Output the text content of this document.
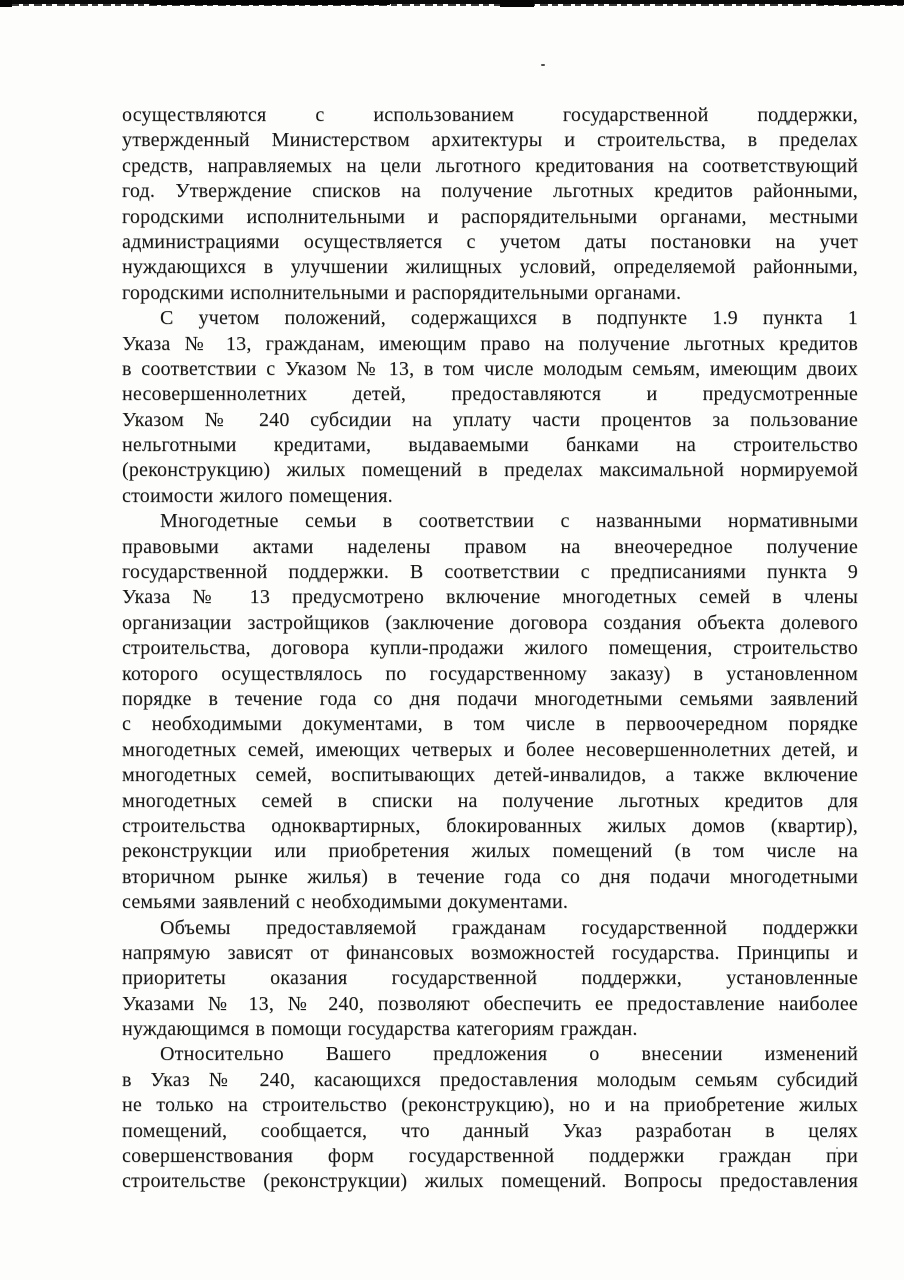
осуществляются с использованием государственной поддержки,
утвержденный Министерством архитектуры и строительства, в пределах
средств, направляемых на цели льготного кредитования на соответствующий
год. Утверждение списков на получение льготных кредитов районными,
городскими исполнительными и распорядительными органами, местными
администрациями осуществляется с учетом даты постановки на учет
нуждающихся в улучшении жилищных условий, определяемой районными,
городскими исполнительными и распорядительными органами.
С учетом положений, содержащихся в подпункте 1.9 пункта 1
Указа № 13, гражданам, имеющим право на получение льготных кредитов
в соответствии с Указом № 13, в том числе молодым семьям, имеющим двоих
несовершеннолетних детей, предоставляются и предусмотренные
Указом № 240 субсидии на уплату части процентов за пользование
нельготными кредитами, выдаваемыми банками на строительство
(реконструкцию) жилых помещений в пределах максимальной нормируемой
стоимости жилого помещения.
Многодетные семьи в соответствии с названными нормативными
правовыми актами наделены правом на внеочередное получение
государственной поддержки. В соответствии с предписаниями пункта 9
Указа № 13 предусмотрено включение многодетных семей в члены
организации застройщиков (заключение договора создания объекта долевого
строительства, договора купли-продажи жилого помещения, строительство
которого осуществлялось по государственному заказу) в установленном
порядке в течение года со дня подачи многодетными семьями заявлений
с необходимыми документами, в том числе в первоочередном порядке
многодетных семей, имеющих четверых и более несовершеннолетних детей, и
многодетных семей, воспитывающих детей-инвалидов, а также включение
многодетных семей в списки на получение льготных кредитов для
строительства одноквартирных, блокированных жилых домов (квартир),
реконструкции или приобретения жилых помещений (в том числе на
вторичном рынке жилья) в течение года со дня подачи многодетными
семьями заявлений с необходимыми документами.
Объемы предоставляемой гражданам государственной поддержки
напрямую зависят от финансовых возможностей государства. Принципы и
приоритеты оказания государственной поддержки, установленные
Указами № 13, № 240, позволяют обеспечить ее предоставление наиболее
нуждающимся в помощи государства категориям граждан.
Относительно Вашего предложения о внесении изменений
в Указ № 240, касающихся предоставления молодым семьям субсидий
не только на строительство (реконструкцию), но и на приобретение жилых
помещений, сообщается, что данный Указ разработан в целях
совершенствования форм государственной поддержки граждан при
строительстве (реконструкции) жилых помещений. Вопросы предоставления
